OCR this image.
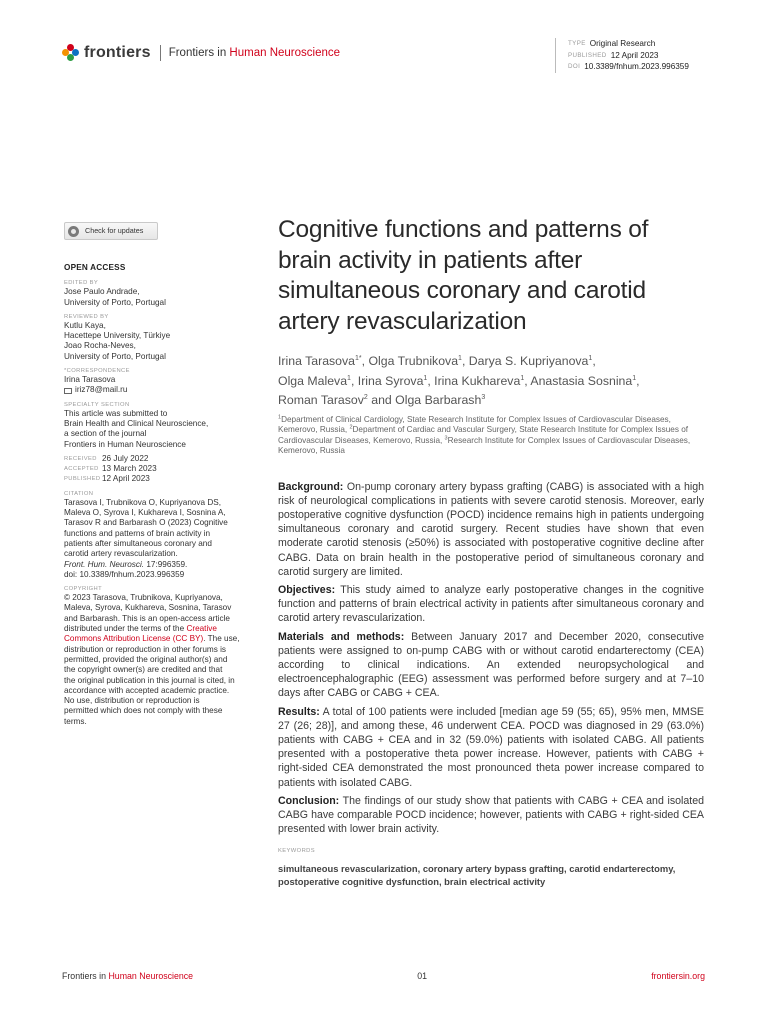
frontiers Frontiers in Human Neuroscience
TYPE Original Research
PUBLISHED 12 April 2023
DOI 10.3389/fnhum.2023.996359
Check for updates
OPEN ACCESS
EDITED BY
Jose Paulo Andrade,
University of Porto, Portugal
REVIEWED BY
Kutlu Kaya,
Hacettepe University, Türkiye
Joao Rocha-Neves,
University of Porto, Portugal
*CORRESPONDENCE
Irina Tarasova
iriz78@mail.ru
SPECIALTY SECTION
This article was submitted to
Brain Health and Clinical Neuroscience,
a section of the journal
Frontiers in Human Neuroscience
RECEIVED 26 July 2022
ACCEPTED 13 March 2023
PUBLISHED 12 April 2023
CITATION
Tarasova I, Trubnikova O, Kupriyanova DS,
Maleva O, Syrova I, Kukhareva I, Sosnina A,
Tarasov R and Barbarash O (2023) Cognitive
functions and patterns of brain activity in
patients after simultaneous coronary and
carotid artery revascularization.
Front. Hum. Neurosci. 17:996359.
doi: 10.3389/fnhum.2023.996359
COPYRIGHT
© 2023 Tarasova, Trubnikova, Kupriyanova,
Maleva, Syrova, Kukhareva, Sosnina, Tarasov
and Barbarash. This is an open-access article
distributed under the terms of the Creative
Commons Attribution License (CC BY). The use,
distribution or reproduction in other forums is
permitted, provided the original author(s) and
the copyright owner(s) are credited and that
the original publication in this journal is cited, in
accordance with accepted academic practice.
No use, distribution or reproduction is
permitted which does not comply with these
terms.
Cognitive functions and patterns of brain activity in patients after simultaneous coronary and carotid artery revascularization
Irina Tarasova$^{1*}$, Olga Trubnikova$^1$, Darya S. Kupriyanova$^1$,
Olga Maleva$^1$, Irina Syrova$^1$, Irina Kukhareva$^1$, Anastasia Sosnina$^1$,
Roman Tarasov$^2$ and Olga Barbarash$^3$
$^1$Department of Clinical Cardiology, State Research Institute for Complex Issues of Cardiovascular Diseases, Kemerovo, Russia, $^2$Department of Cardiac and Vascular Surgery, State Research Institute for Complex Issues of Cardiovascular Diseases, Kemerovo, Russia, $^3$Research Institute for Complex Issues of Cardiovascular Diseases, Kemerovo, Russia

Background: On-pump coronary artery bypass grafting (CABG) is associated with a high risk of neurological complications in patients with severe carotid stenosis. Moreover, early postoperative cognitive dysfunction (POCD) incidence remains high in patients undergoing simultaneous coronary and carotid surgery. Recent studies have shown that even moderate carotid stenosis (≥50%) is associated with postoperative cognitive decline after CABG. Data on brain health in the postoperative period of simultaneous coronary and carotid surgery are limited.

Objectives: This study aimed to analyze early postoperative changes in the cognitive function and patterns of brain electrical activity in patients after simultaneous coronary and carotid artery revascularization.

Materials and methods: Between January 2017 and December 2020, consecutive patients were assigned to on-pump CABG with or without carotid endarterectomy (CEA) according to clinical indications. An extended neuropsychological and electroencephalographic (EEG) assessment was performed before surgery and at 7–10 days after CABG or CABG + CEA.

Results: A total of 100 patients were included [median age 59 (55; 65), 95% men, MMSE 27 (26; 28)], and among these, 46 underwent CEA. POCD was diagnosed in 29 (63.0%) patients with CABG + CEA and in 32 (59.0%) patients with isolated CABG. All patients presented with a postoperative theta power increase. However, patients with CABG + right-sided CEA demonstrated the most pronounced theta power increase compared to patients with isolated CABG.

Conclusion: The findings of our study show that patients with CABG + CEA and isolated CABG have comparable POCD incidence; however, patients with CABG + right-sided CEA presented with lower brain activity.

KEYWORDS
simultaneous revascularization, coronary artery bypass grafting, carotid endarterectomy, postoperative cognitive dysfunction, brain electrical activity
Frontiers in Human Neuroscience	01	frontiersin.org
